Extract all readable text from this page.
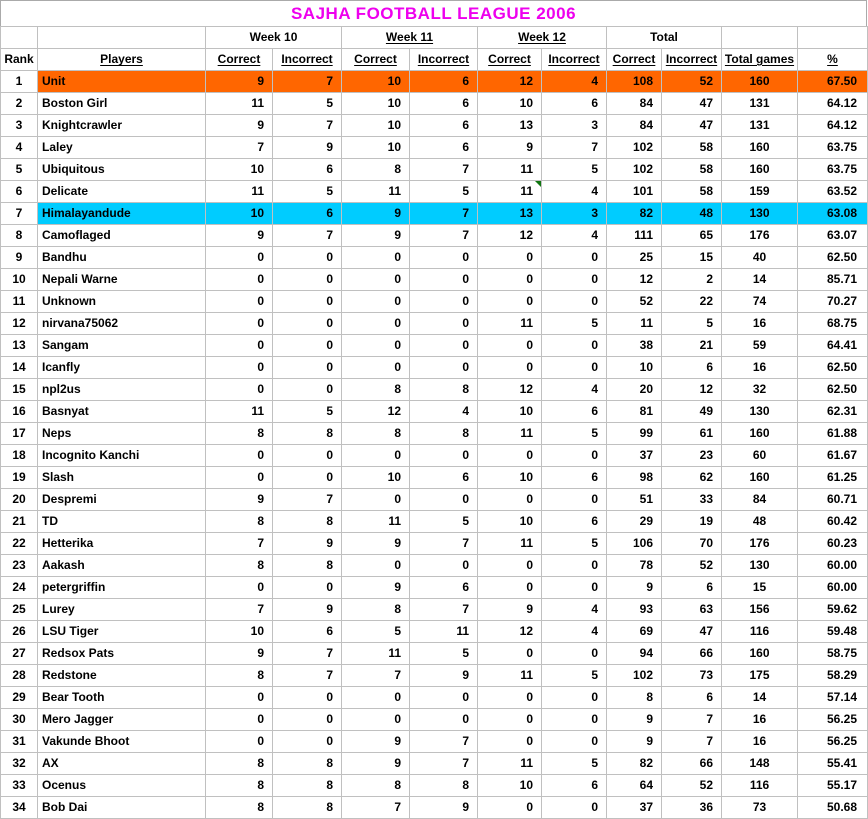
SAJHA FOOTBALL LEAGUE 2006
		Week 10		Week 11		Week 12		Total			
Rank	Players	Correct	Incorrect	Correct	Incorrect	Correct	Incorrect	Correct	Incorrect	Total games	%
1	Unit	9	7	10	6	12	4	108	52	160	67.50
2	Boston Girl	11	5	10	6	10	6	84	47	131	64.12
3	Knightcrawler	9	7	10	6	13	3	84	47	131	64.12
4	Laley	7	9	10	6	9	7	102	58	160	63.75
5	Ubiquitous	10	6	8	7	11	5	102	58	160	63.75
6	Delicate	11	5	11	5	11	4	101	58	159	63.52
7	Himalayandude	10	6	9	7	13	3	82	48	130	63.08
8	Camoflaged	9	7	9	7	12	4	111	65	176	63.07
9	Bandhu	0	0	0	0	0	0	25	15	40	62.50
10	Nepali Warne	0	0	0	0	0	0	12	2	14	85.71
11	Unknown	0	0	0	0	0	0	52	22	74	70.27
12	nirvana75062	0	0	0	0	11	5	11	5	16	68.75
13	Sangam	0	0	0	0	0	0	38	21	59	64.41
14	Icanfly	0	0	0	0	0	0	10	6	16	62.50
15	npl2us	0	0	8	8	12	4	20	12	32	62.50
16	Basnyat	11	5	12	4	10	6	81	49	130	62.31
17	Neps	8	8	8	8	11	5	99	61	160	61.88
18	Incognito Kanchi	0	0	0	0	0	0	37	23	60	61.67
19	Slash	0	0	10	6	10	6	98	62	160	61.25
20	Despremi	9	7	0	0	0	0	51	33	84	60.71
21	TD	8	8	11	5	10	6	29	19	48	60.42
22	Hetterika	7	9	9	7	11	5	106	70	176	60.23
23	Aakash	8	8	0	0	0	0	78	52	130	60.00
24	petergriffin	0	0	9	6	0	0	9	6	15	60.00
25	Lurey	7	9	8	7	9	4	93	63	156	59.62
26	LSU Tiger	10	6	5	11	12	4	69	47	116	59.48
27	Redsox Pats	9	7	11	5	0	0	94	66	160	58.75
28	Redstone	8	7	7	9	11	5	102	73	175	58.29
29	Bear Tooth	0	0	0	0	0	0	8	6	14	57.14
30	Mero Jagger	0	0	0	0	0	0	9	7	16	56.25
31	Vakunde Bhoot	0	0	9	7	0	0	9	7	16	56.25
32	AX	8	8	9	7	11	5	82	66	148	55.41
33	Ocenus	8	8	8	8	10	6	64	52	116	55.17
34	Bob Dai	8	8	7	9	0	0	37	36	73	50.68
